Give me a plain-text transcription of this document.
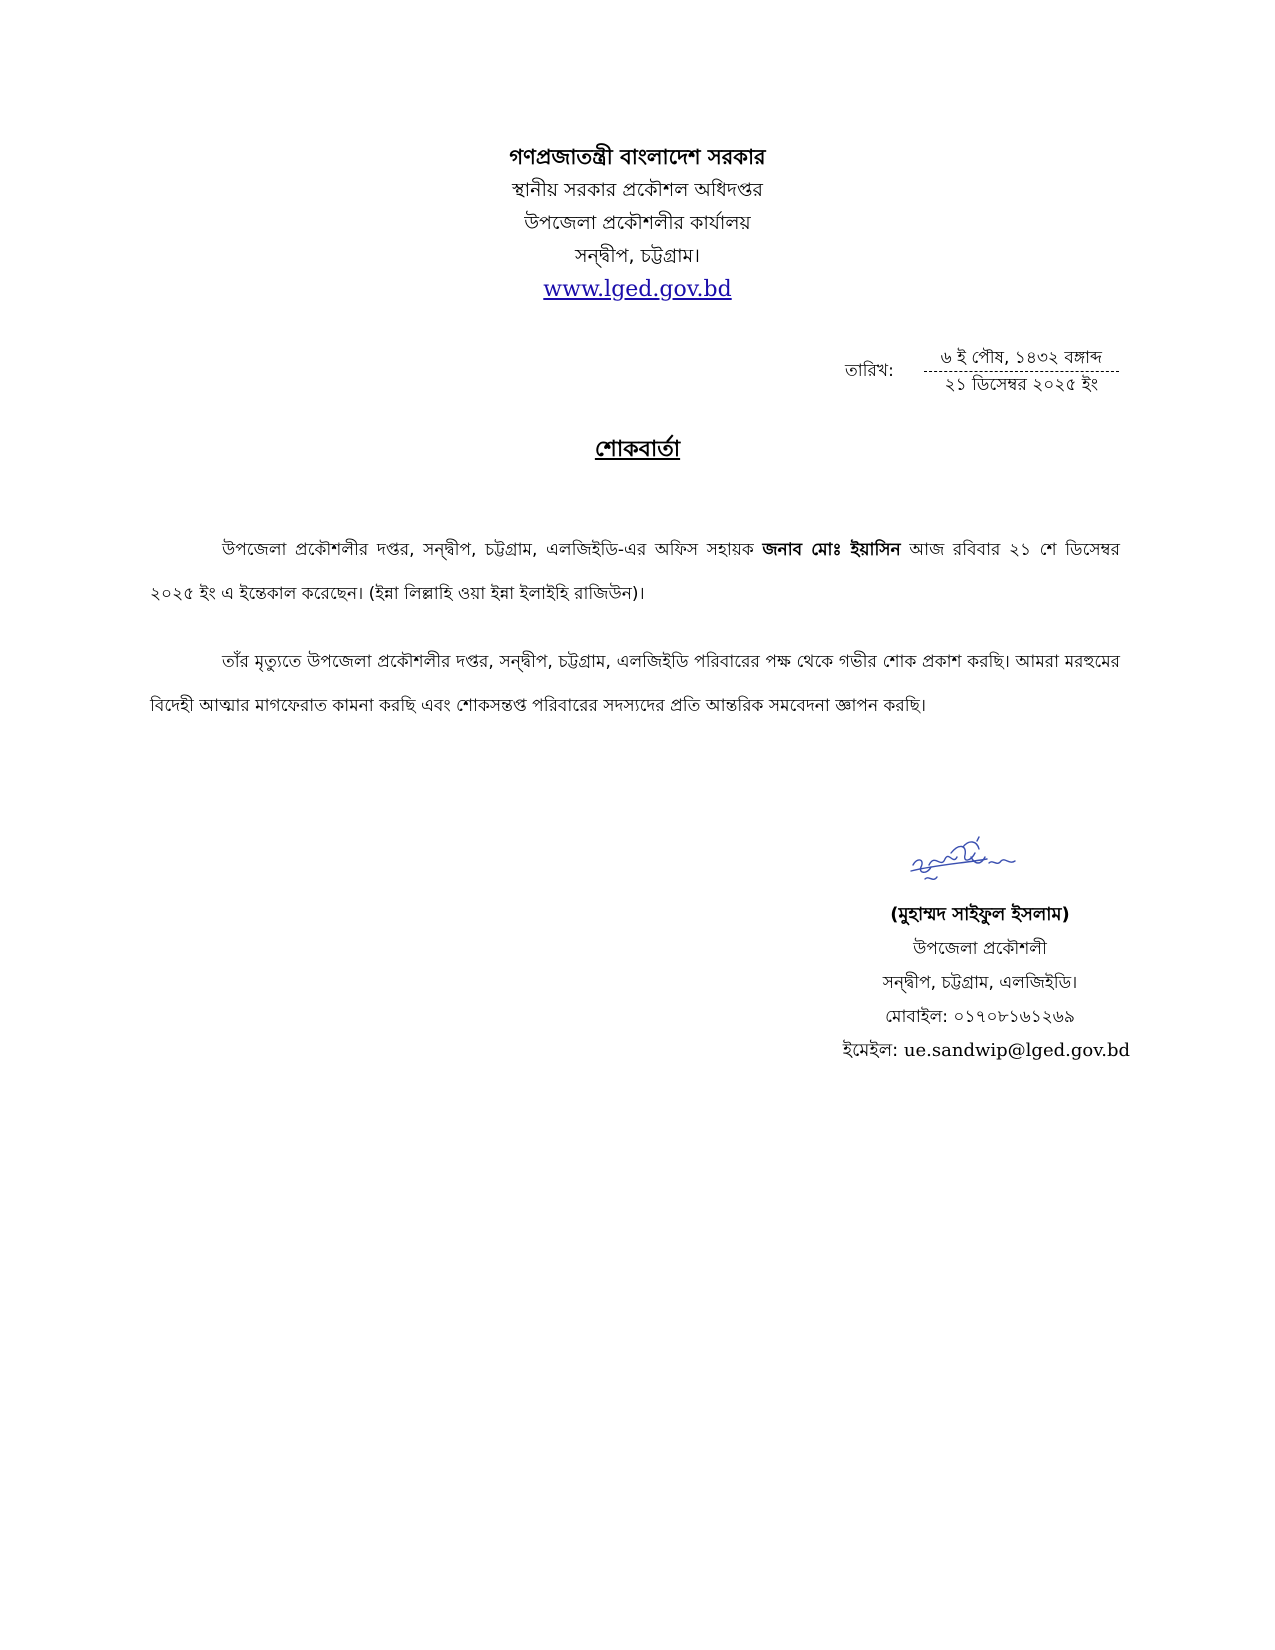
গণপ্রজাতন্ত্রী বাংলাদেশ সরকার
স্থানীয় সরকার প্রকৌশল অধিদপ্তর
উপজেলা প্রকৌশলীর কার্যালয়
সন্দ্বীপ, চট্টগ্রাম।
www.lged.gov.bd
তারিখ:
৬ ই পৌষ, ১৪৩২ বঙ্গাব্দ
২১ ডিসেম্বর ২০২৫ ইং
শোকবার্তা

উপজেলা প্রকৌশলীর দপ্তর, সন্দ্বীপ, চট্টগ্রাম, এলজিইডি-এর অফিস সহায়ক জনাব মোঃ ইয়াসিন আজ রবিবার ২১ শে ডিসেম্বর ২০২৫ ইং এ ইন্তেকাল করেছেন। (ইন্না লিল্লাহি ওয়া ইন্না ইলাইহি রাজিউন)।

তাঁর মৃত্যুতে উপজেলা প্রকৌশলীর দপ্তর, সন্দ্বীপ, চট্টগ্রাম, এলজিইডি পরিবারের পক্ষ থেকে গভীর শোক প্রকাশ করছি। আমরা মরহুমের বিদেহী আত্মার মাগফেরাত কামনা করছি এবং শোকসন্তপ্ত পরিবারের সদস্যদের প্রতি আন্তরিক সমবেদনা জ্ঞাপন করছি।

(মুহাম্মদ সাইফুল ইসলাম)
উপজেলা প্রকৌশলী
সন্দ্বীপ, চট্টগ্রাম, এলজিইডি।
মোবাইল: ০১৭০৮১৬১২৬৯
ইমেইল: ue.sandwip@lged.gov.bd
